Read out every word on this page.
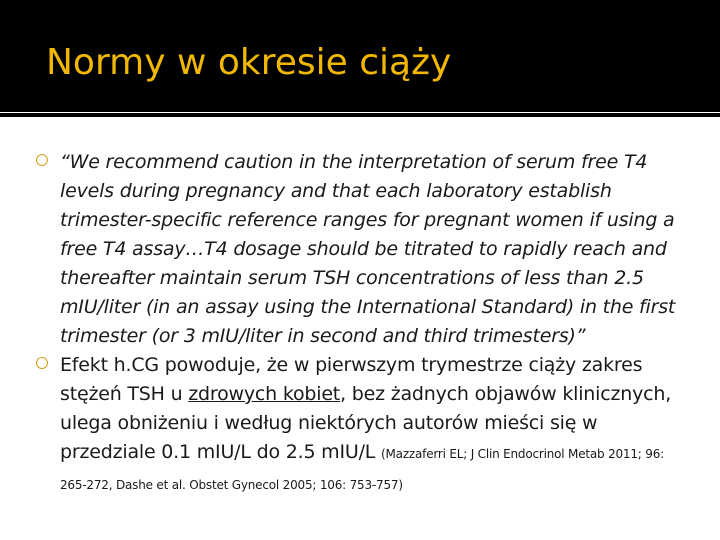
Normy w okresie ciąży
“We recommend caution in the interpretation of serum free T4 levels during pregnancy and that each laboratory establish trimester-specific reference ranges for pregnant women if using a free T4 assay…T4 dosage should be titrated to rapidly reach and thereafter maintain serum TSH concentrations of less than 2.5 mIU/liter (in an assay using the International Standard) in the first trimester (or 3 mIU/liter in second and third trimesters)”
Efekt h.CG powoduje, że w pierwszym trymestrze ciąży zakres stężeń TSH u zdrowych kobiet, bez żadnych objawów klinicznych, ulega obniżeniu i według niektórych autorów mieści się w przedziale 0.1 mIU/L do 2.5 mIU/L (Mazzaferri EL; J Clin Endocrinol Metab 2011; 96: 265-272, Dashe et al. Obstet Gynecol 2005; 106: 753-757)
